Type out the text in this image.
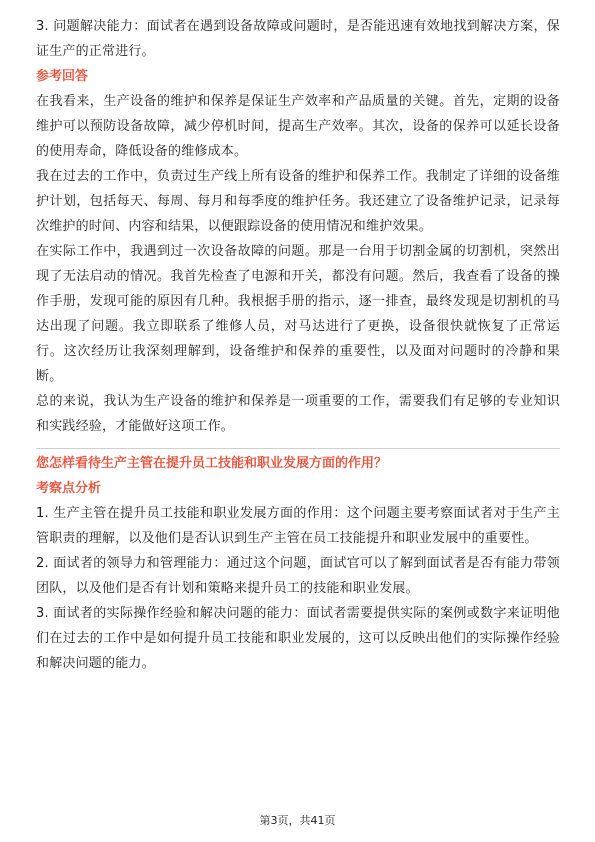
3. 问题解决能力：面试者在遇到设备故障或问题时，是否能迅速有效地找到解决方案，保证生产的正常进行。

参考回答

在我看来，生产设备的维护和保养是保证生产效率和产品质量的关键。首先，定期的设备维护可以预防设备故障，减少停机时间，提高生产效率。其次，设备的保养可以延长设备的使用寿命，降低设备的维修成本。

我在过去的工作中，负责过生产线上所有设备的维护和保养工作。我制定了详细的设备维护计划，包括每天、每周、每月和每季度的维护任务。我还建立了设备维护记录，记录每次维护的时间、内容和结果，以便跟踪设备的使用情况和维护效果。

在实际工作中，我遇到过一次设备故障的问题。那是一台用于切割金属的切割机，突然出现了无法启动的情况。我首先检查了电源和开关，都没有问题。然后，我查看了设备的操作手册，发现可能的原因有几种。我根据手册的指示，逐一排查，最终发现是切割机的马达出现了问题。我立即联系了维修人员，对马达进行了更换，设备很快就恢复了正常运行。这次经历让我深刻理解到，设备维护和保养的重要性，以及面对问题时的冷静和果断。

总的来说，我认为生产设备的维护和保养是一项重要的工作，需要我们有足够的专业知识和实践经验，才能做好这项工作。

您怎样看待生产主管在提升员工技能和职业发展方面的作用？

考察点分析

1. 生产主管在提升员工技能和职业发展方面的作用：这个问题主要考察面试者对于生产主管职责的理解，以及他们是否认识到生产主管在员工技能提升和职业发展中的重要性。

2. 面试者的领导力和管理能力：通过这个问题，面试官可以了解到面试者是否有能力带领团队，以及他们是否有计划和策略来提升员工的技能和职业发展。

3. 面试者的实际操作经验和解决问题的能力：面试者需要提供实际的案例或数字来证明他们在过去的工作中是如何提升员工技能和职业发展的，这可以反映出他们的实际操作经验和解决问题的能力。

第3页，共41页
